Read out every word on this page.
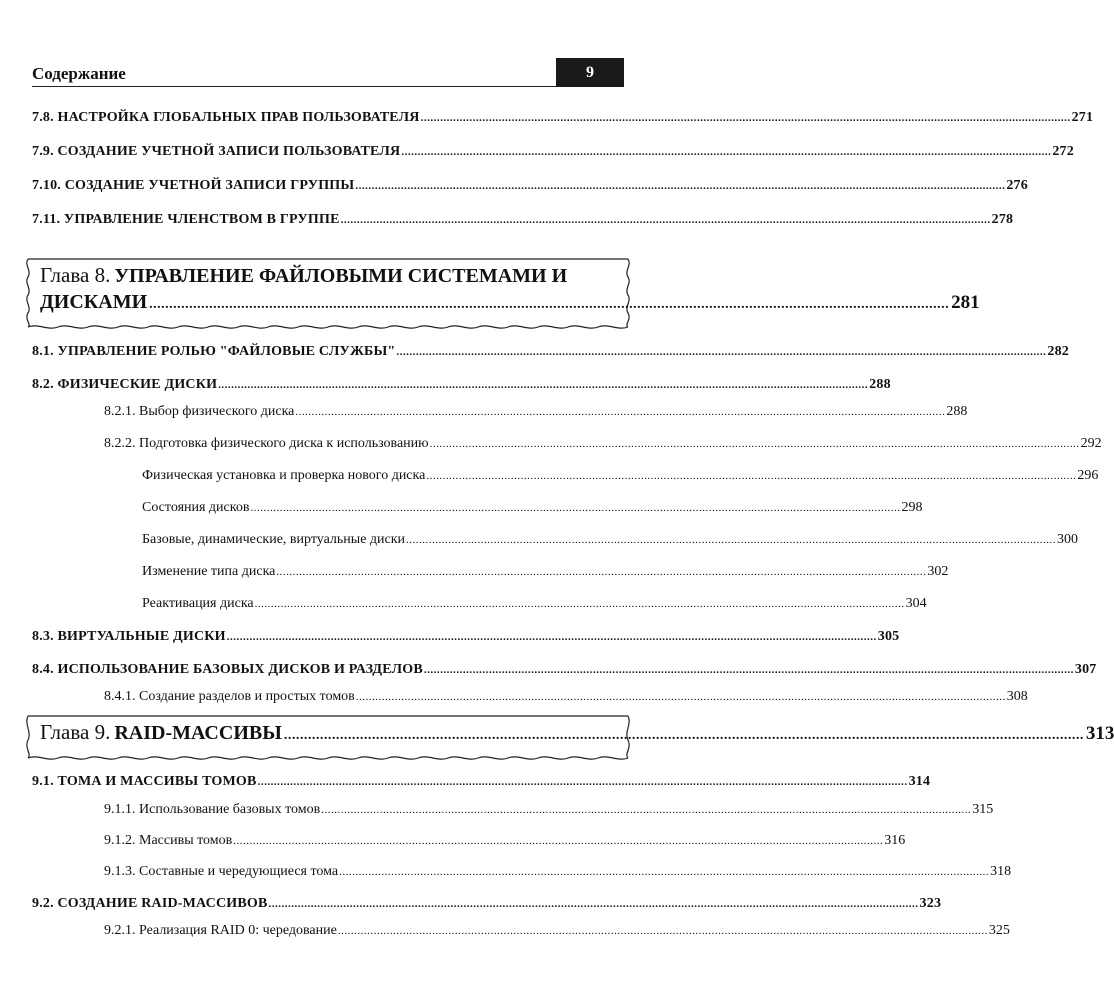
Содержание	9
7.8. НАСТРОЙКА ГЛОБАЛЬНЫХ ПРАВ ПОЛЬЗОВАТЕЛЯ ........................................................................................................................................................................................................ 271
7.9. СОЗДАНИЕ УЧЕТНОЙ ЗАПИСИ ПОЛЬЗОВАТЕЛЯ ........................................................................................................................................................................................................ 272
7.10. СОЗДАНИЕ УЧЕТНОЙ ЗАПИСИ ГРУППЫ ........................................................................................................................................................................................................ 276
7.11. УПРАВЛЕНИЕ ЧЛЕНСТВОМ В ГРУППЕ ........................................................................................................................................................................................................ 278
Глава 8.
УПРАВЛЕНИЕ ФАЙЛОВЫМИ СИСТЕМАМИ И
ДИСКАМИ ........................................................................................................................................................................................................ 281
8.1. УПРАВЛЕНИЕ РОЛЬЮ "ФАЙЛОВЫЕ СЛУЖБЫ" ........................................................................................................................................................................................................ 282
8.2. ФИЗИЧЕСКИЕ ДИСКИ ........................................................................................................................................................................................................ 288
8.2.1. Выбор физического диска ........................................................................................................................................................................................................ 288
8.2.2. Подготовка физического диска к использованию ........................................................................................................................................................................................................ 292
Физическая установка и проверка нового диска ........................................................................................................................................................................................................ 296
Состояния дисков ........................................................................................................................................................................................................ 298
Базовые, динамические, виртуальные диски ........................................................................................................................................................................................................ 300
Изменение типа диска ........................................................................................................................................................................................................ 302
Реактивация диска ........................................................................................................................................................................................................ 304
8.3. ВИРТУАЛЬНЫЕ ДИСКИ ........................................................................................................................................................................................................ 305
8.4. ИСПОЛЬЗОВАНИЕ БАЗОВЫХ ДИСКОВ И РАЗДЕЛОВ ........................................................................................................................................................................................................ 307
8.4.1. Создание разделов и простых томов ........................................................................................................................................................................................................ 308
Глава 9.
RAID-МАССИВЫ ........................................................................................................................................................................................................ 313
9.1. ТОМА И МАССИВЫ ТОМОВ ........................................................................................................................................................................................................ 314
9.1.1. Использование базовых томов ........................................................................................................................................................................................................ 315
9.1.2. Массивы томов ........................................................................................................................................................................................................ 316
9.1.3. Составные и чередующиеся тома ........................................................................................................................................................................................................ 318
9.2. СОЗДАНИЕ RAID-МАССИВОВ ........................................................................................................................................................................................................ 323
9.2.1. Реализация RAID 0: чередование ........................................................................................................................................................................................................ 325
